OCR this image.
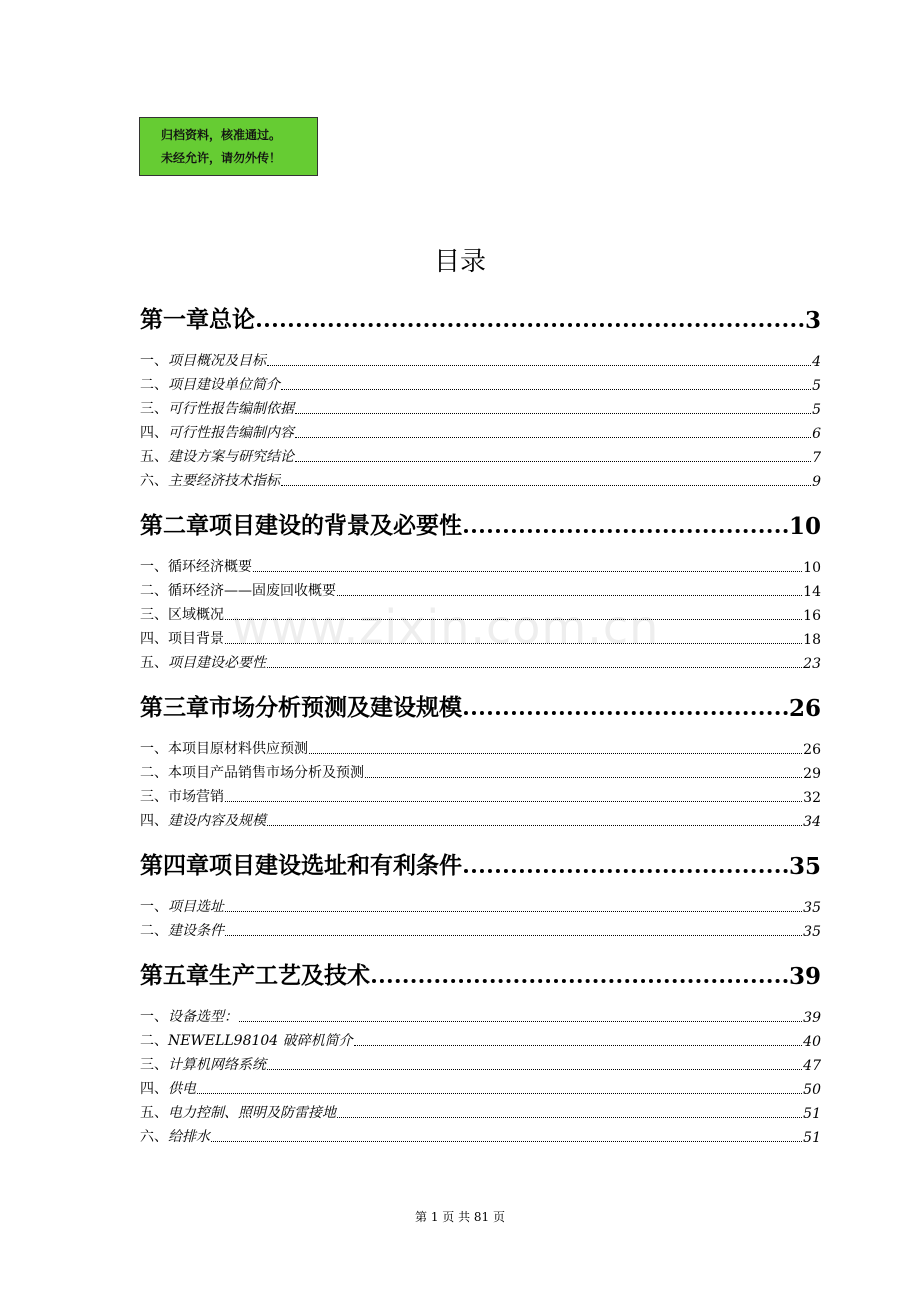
归档资料，核准通过。
未经允许，请勿外传！
目录
www.zixin.com.cn
第一章总论	3
一、 项目概况及目标	4
二、 项目建设单位简介	5
三、 可行性报告编制依据	5
四、 可行性报告编制内容	6
五、 建设方案与研究结论	7
六、 主要经济技术指标	9
第二章项目建设的背景及必要性	10
一、 循环经济概要	10
二、 循环经济——固废回收概要	14
三、 区域概况	16
四、 项目背景	18
五、 项目建设必要性	23
第三章市场分析预测及建设规模	26
一、 本项目原材料供应预测	26
二、 本项目产品销售市场分析及预测	29
三、 市场营销	32
四、 建设内容及规模	34
第四章项目建设选址和有利条件	35
一、 项目选址	35
二、 建设条件	35
第五章生产工艺及技术	39
一、 设备选型：	39
二、 NEWELL98104 破碎机简介	40
三、 计算机网络系统	47
四、 供电	50
五、 电力控制、照明及防雷接地	51
六、 给排水	51
第 1 页 共 81 页
